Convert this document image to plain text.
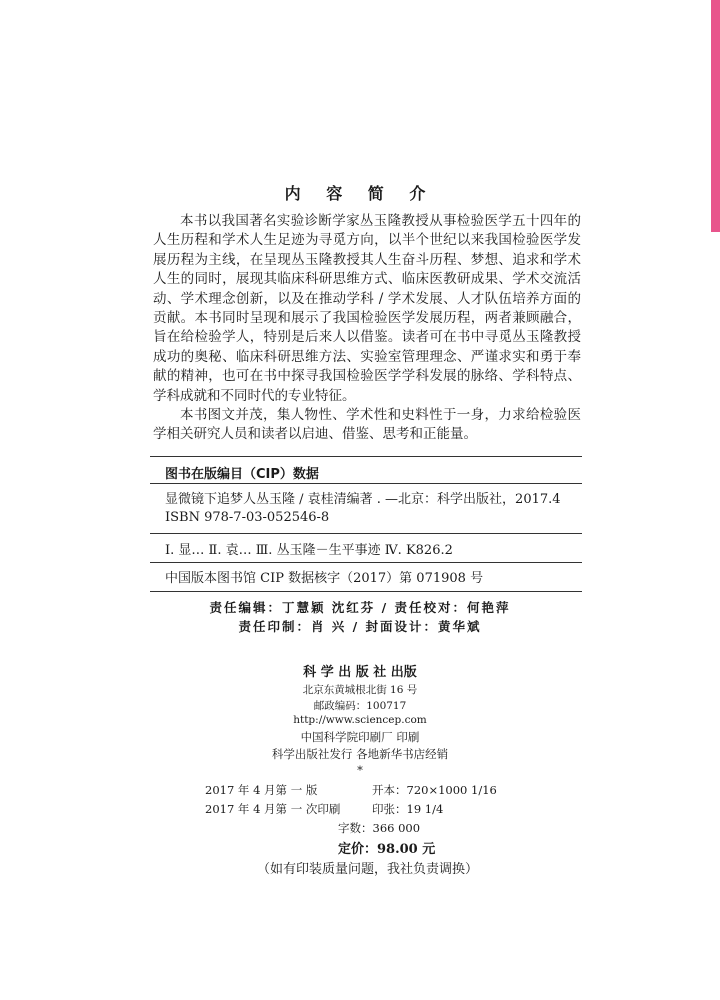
内 容 简 介

本书以我国著名实验诊断学家丛玉隆教授从事检验医学五十四年的人生历程和学术人生足迹为寻觅方向，以半个世纪以来我国检验医学发展历程为主线，在呈现丛玉隆教授其人生奋斗历程、梦想、追求和学术人生的同时，展现其临床科研思维方式、临床医教研成果、学术交流活动、学术理念创新，以及在推动学科 / 学术发展、人才队伍培养方面的贡献。本书同时呈现和展示了我国检验医学发展历程，两者兼顾融合，旨在给检验学人，特别是后来人以借鉴。读者可在书中寻觅丛玉隆教授成功的奥秘、临床科研思维方法、实验室管理理念、严谨求实和勇于奉献的精神，也可在书中探寻我国检验医学学科发展的脉络、学科特点、学科成就和不同时代的专业特征。

本书图文并茂，集人物性、学术性和史料性于一身，力求给检验医学相关研究人员和读者以启迪、借鉴、思考和正能量。

图书在版编目（CIP）数据
显微镜下追梦人丛玉隆 / 袁桂清编著 . —北京：科学出版社，2017.4
ISBN 978-7-03-052546-8
Ⅰ. 显… Ⅱ. 袁… Ⅲ. 丛玉隆－生平事迹 Ⅳ. K826.2
中国版本图书馆 CIP 数据核字（2017）第 071908 号
责任编辑：丁慧颖 沈红芬 / 责任校对：何艳萍
责任印制：肖 兴 / 封面设计：黄华斌
科 学 出 版 社 出版
北京东黄城根北街 16 号
邮政编码：100717
http://www.sciencep.com
中国科学院印刷厂 印刷
科学出版社发行 各地新华书店经销
*
2017 年 4 月第 一 版	开本：720×1000 1/16
2017 年 4 月第 一 次印刷	印张：19 1/4
字数：366 000
定价：98.00 元
（如有印装质量问题，我社负责调换）
